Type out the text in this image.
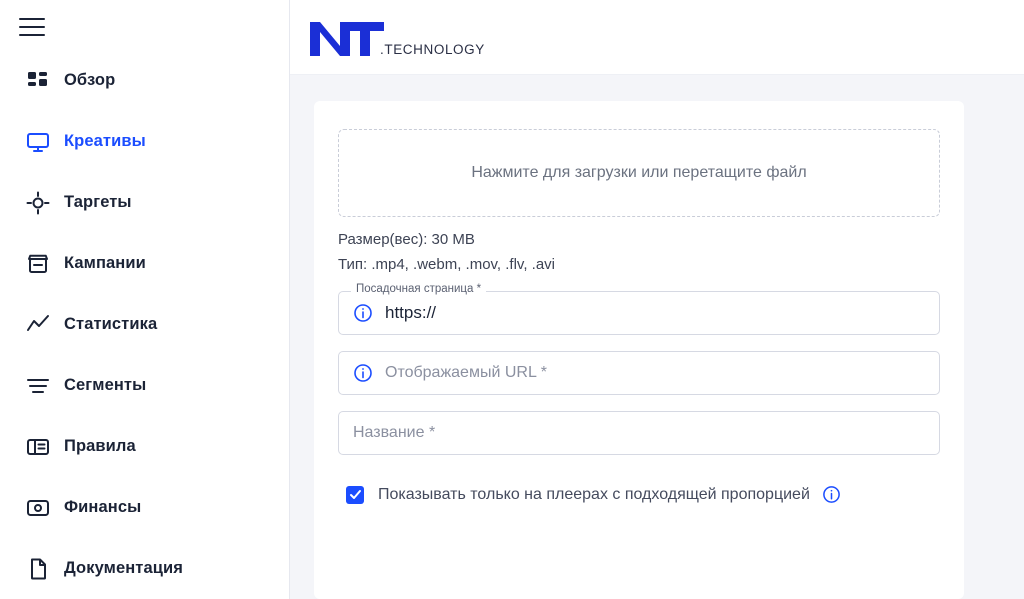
Обзор
Креативы
Таргеты
Кампании
Статистика
Сегменты
Правила
Финансы
Документация
.TECHNOLOGY
Нажмите для загрузки или перетащите файл
Размер(вес): 30 MB
Тип: .mp4, .webm, .mov, .flv, .avi
Посадочная страница *
https://
Отображаемый URL *
Название *
Показывать только на плеерах с подходящей пропорцией
